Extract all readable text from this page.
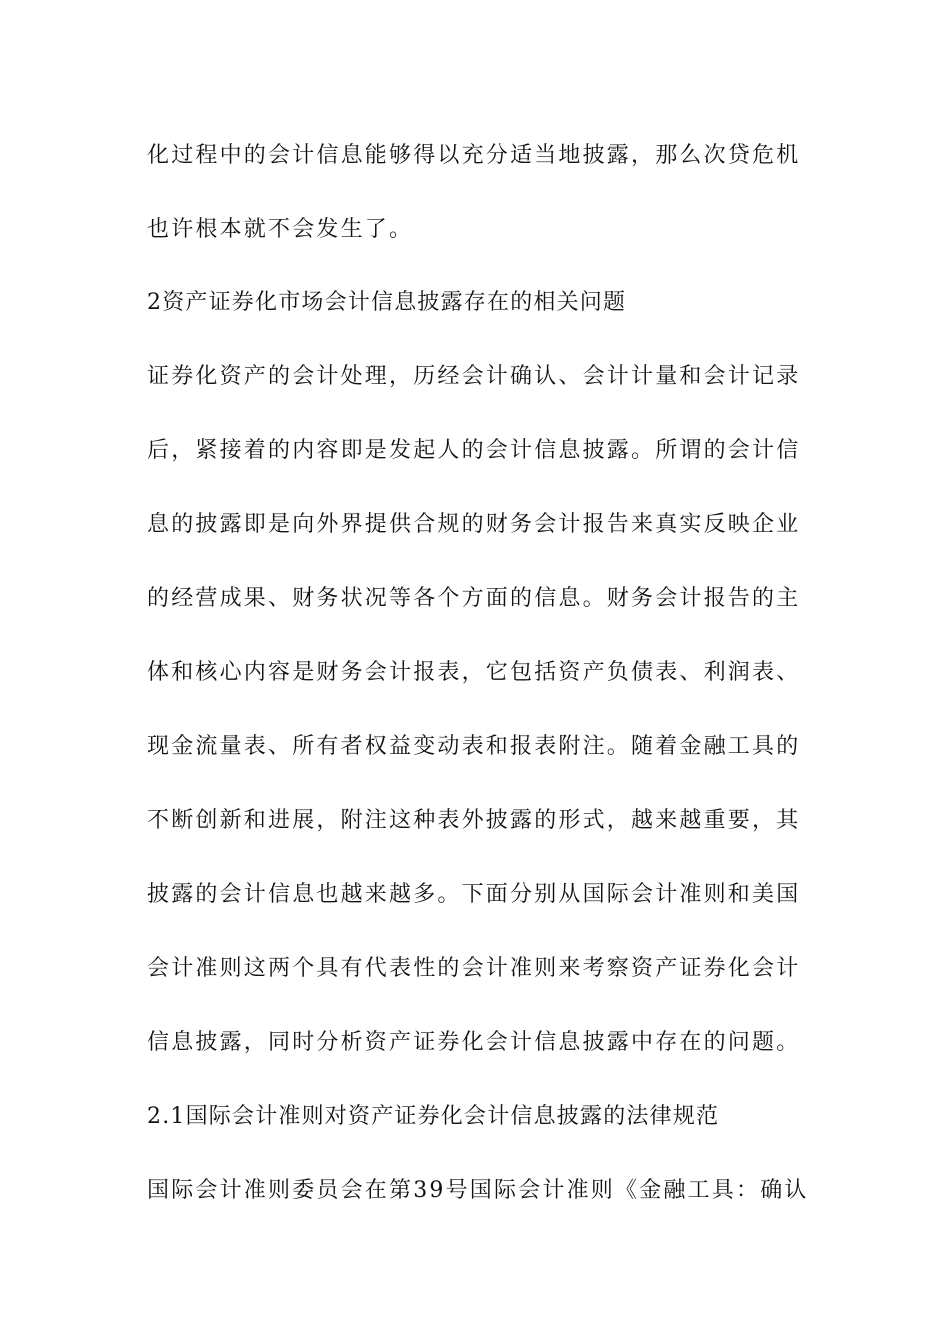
化过程中的会计信息能够得以充分适当地披露，那么次贷危机
也许根本就不会发生了。
2资产证券化市场会计信息披露存在的相关问题
证券化资产的会计处理，历经会计确认、会计计量和会计记录
后，紧接着的内容即是发起人的会计信息披露。所谓的会计信
息的披露即是向外界提供合规的财务会计报告来真实反映企业
的经营成果、财务状况等各个方面的信息。财务会计报告的主
体和核心内容是财务会计报表，它包括资产负债表、利润表、
现金流量表、所有者权益变动表和报表附注。随着金融工具的
不断创新和进展，附注这种表外披露的形式，越来越重要，其
披露的会计信息也越来越多。下面分别从国际会计准则和美国
会计准则这两个具有代表性的会计准则来考察资产证券化会计
信息披露，同时分析资产证券化会计信息披露中存在的问题。
2.1国际会计准则对资产证券化会计信息披露的法律规范
国际会计准则委员会在第39号国际会计准则《金融工具：确认
